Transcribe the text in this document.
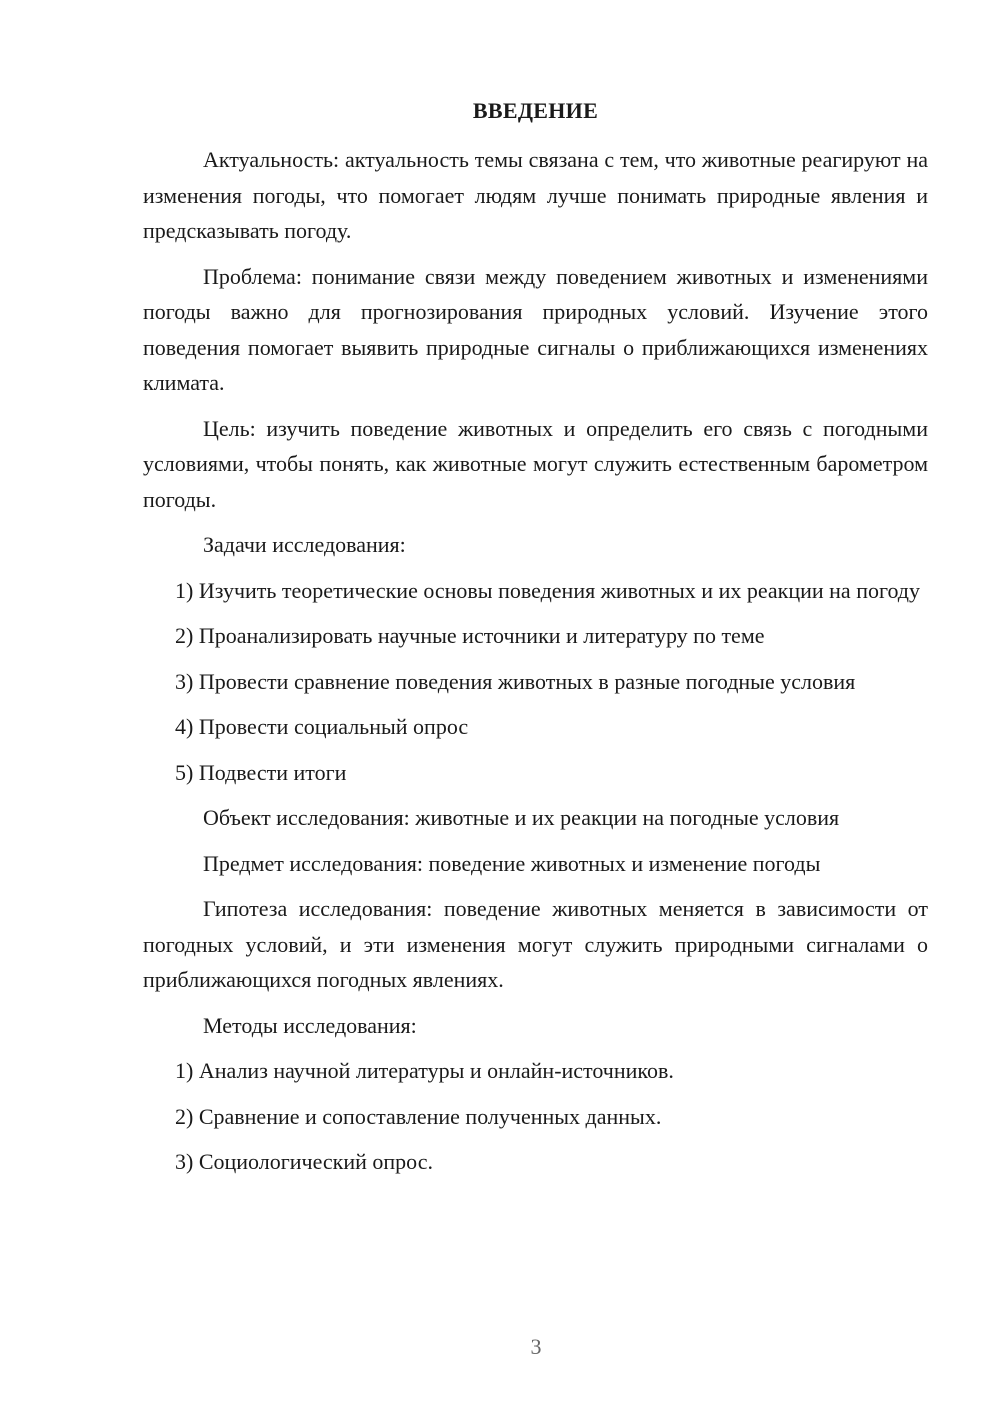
ВВЕДЕНИЕ

Актуальность: актуальность темы связана с тем, что животные реагируют на изменения погоды, что помогает людям лучше понимать природные явления и предсказывать погоду.

Проблема: понимание связи между поведением животных и изменениями погоды важно для прогнозирования природных условий. Изучение этого поведения помогает выявить природные сигналы о приближающихся изменениях климата.

Цель: изучить поведение животных и определить его связь с погодными условиями, чтобы понять, как животные могут служить естественным барометром погоды.

Задачи исследования:

1) Изучить теоретические основы поведения животных и их реакции на погоду

2) Проанализировать научные источники и литературу по теме

3) Провести сравнение поведения животных в разные погодные условия

4) Провести социальный опрос

5) Подвести итоги

Объект исследования: животные и их реакции на погодные условия

Предмет исследования: поведение животных и изменение погоды

Гипотеза исследования: поведение животных меняется в зависимости от погодных условий, и эти изменения могут служить природными сигналами о приближающихся погодных явлениях.

Методы исследования:

1) Анализ научной литературы и онлайн-источников.

2) Сравнение и сопоставление полученных данных.

3) Социологический опрос.

3
